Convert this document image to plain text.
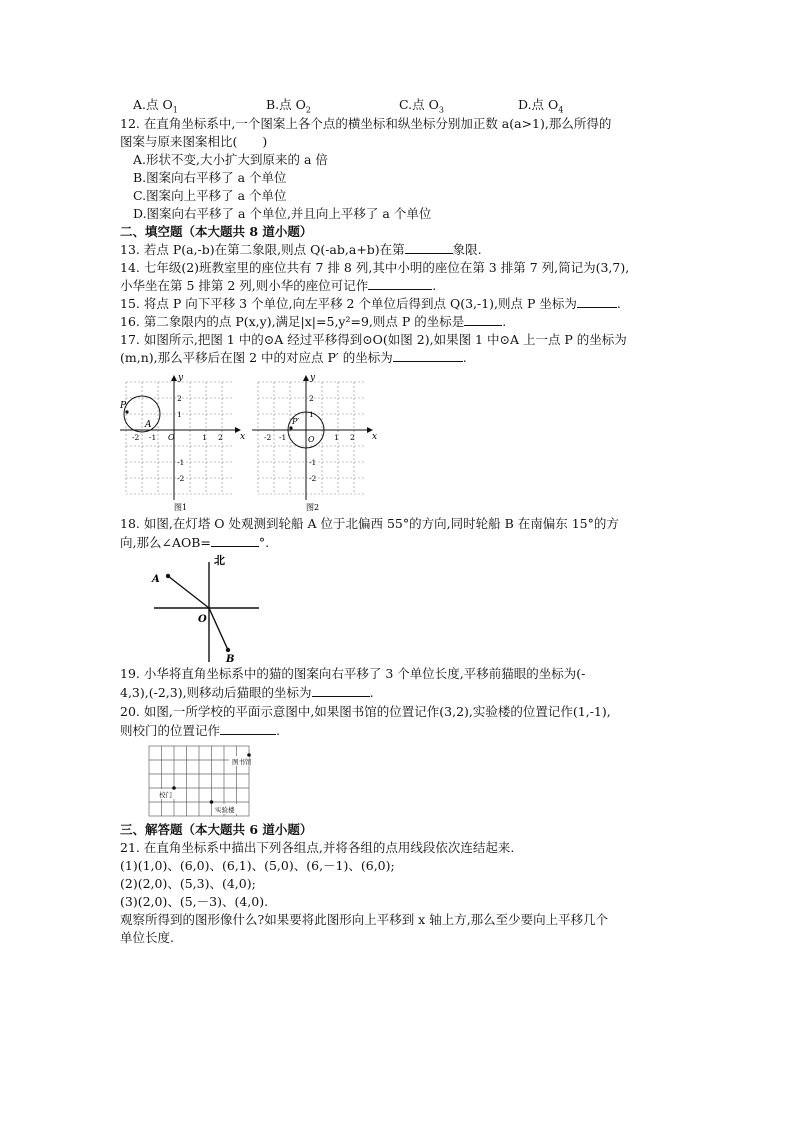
A.点 $O_1$	B.点 $O_2$	C.点 $O_3$	D.点 $O_4$
12. 在直角坐标系中,一个图案上各个点的横坐标和纵坐标分别加正数 a(a>1),那么所得的
图案与原来图案相比(　　)
A.形状不变,大小扩大到原来的 a 倍
B.图案向右平移了 a 个单位
C.图案向上平移了 a 个单位
D.图案向右平移了 a 个单位,并且向上平移了 a 个单位
二、填空题（本大题共 8 道小题）
13. 若点 P(a,-b)在第二象限,则点 Q(-ab,a+b)在第	象限.
14. 七年级(2)班教室里的座位共有 7 排 8 列,其中小明的座位在第 3 排第 7 列,简记为(3,7),
小华坐在第 5 排第 2 列,则小华的座位可记作	.
15. 将点 P 向下平移 3 个单位,向左平移 2 个单位后得到点 Q(3,-1),则点 P 坐标为	.
16. 第二象限内的点 P(x,y),满足|x|=5,y²=9,则点 P 的坐标是	.
17. 如图所示,把图 1 中的⊙A 经过平移得到⊙O(如图 2),如果图 1 中⊙A 上一点 P 的坐标为
(m,n),那么平移后在图 2 中的对应点 P′ 的坐标为	.
P
A
x
y
O
-2 -1	1 2
2
1
-1
-2
图1
P′
x
y
O
-2 -1	1 2
2
1
-1
-2
图2
18. 如图,在灯塔 O 处观测到轮船 A 位于北偏西 55°的方向,同时轮船 B 在南偏东 15°的方
向,那么∠AOB=	°.
北
A
O
B
19. 小华将直角坐标系中的猫的图案向右平移了 3 个单位长度,平移前猫眼的坐标为(-
4,3),(-2,3),则移动后猫眼的坐标为	.
20. 如图,一所学校的平面示意图中,如果图书馆的位置记作(3,2),实验楼的位置记作(1,-1),
则校门的位置记作	.
图书馆
校门
实验楼
三、解答题（本大题共 6 道小题）
21. 在直角坐标系中描出下列各组点,并将各组的点用线段依次连结起来.
(1)(1,0)、(6,0)、(6,1)、(5,0)、(6,－1)、(6,0);
(2)(2,0)、(5,3)、(4,0);
(3)(2,0)、(5,－3)、(4,0).
观察所得到的图形像什么?如果要将此图形向上平移到 x 轴上方,那么至少要向上平移几个
单位长度.
